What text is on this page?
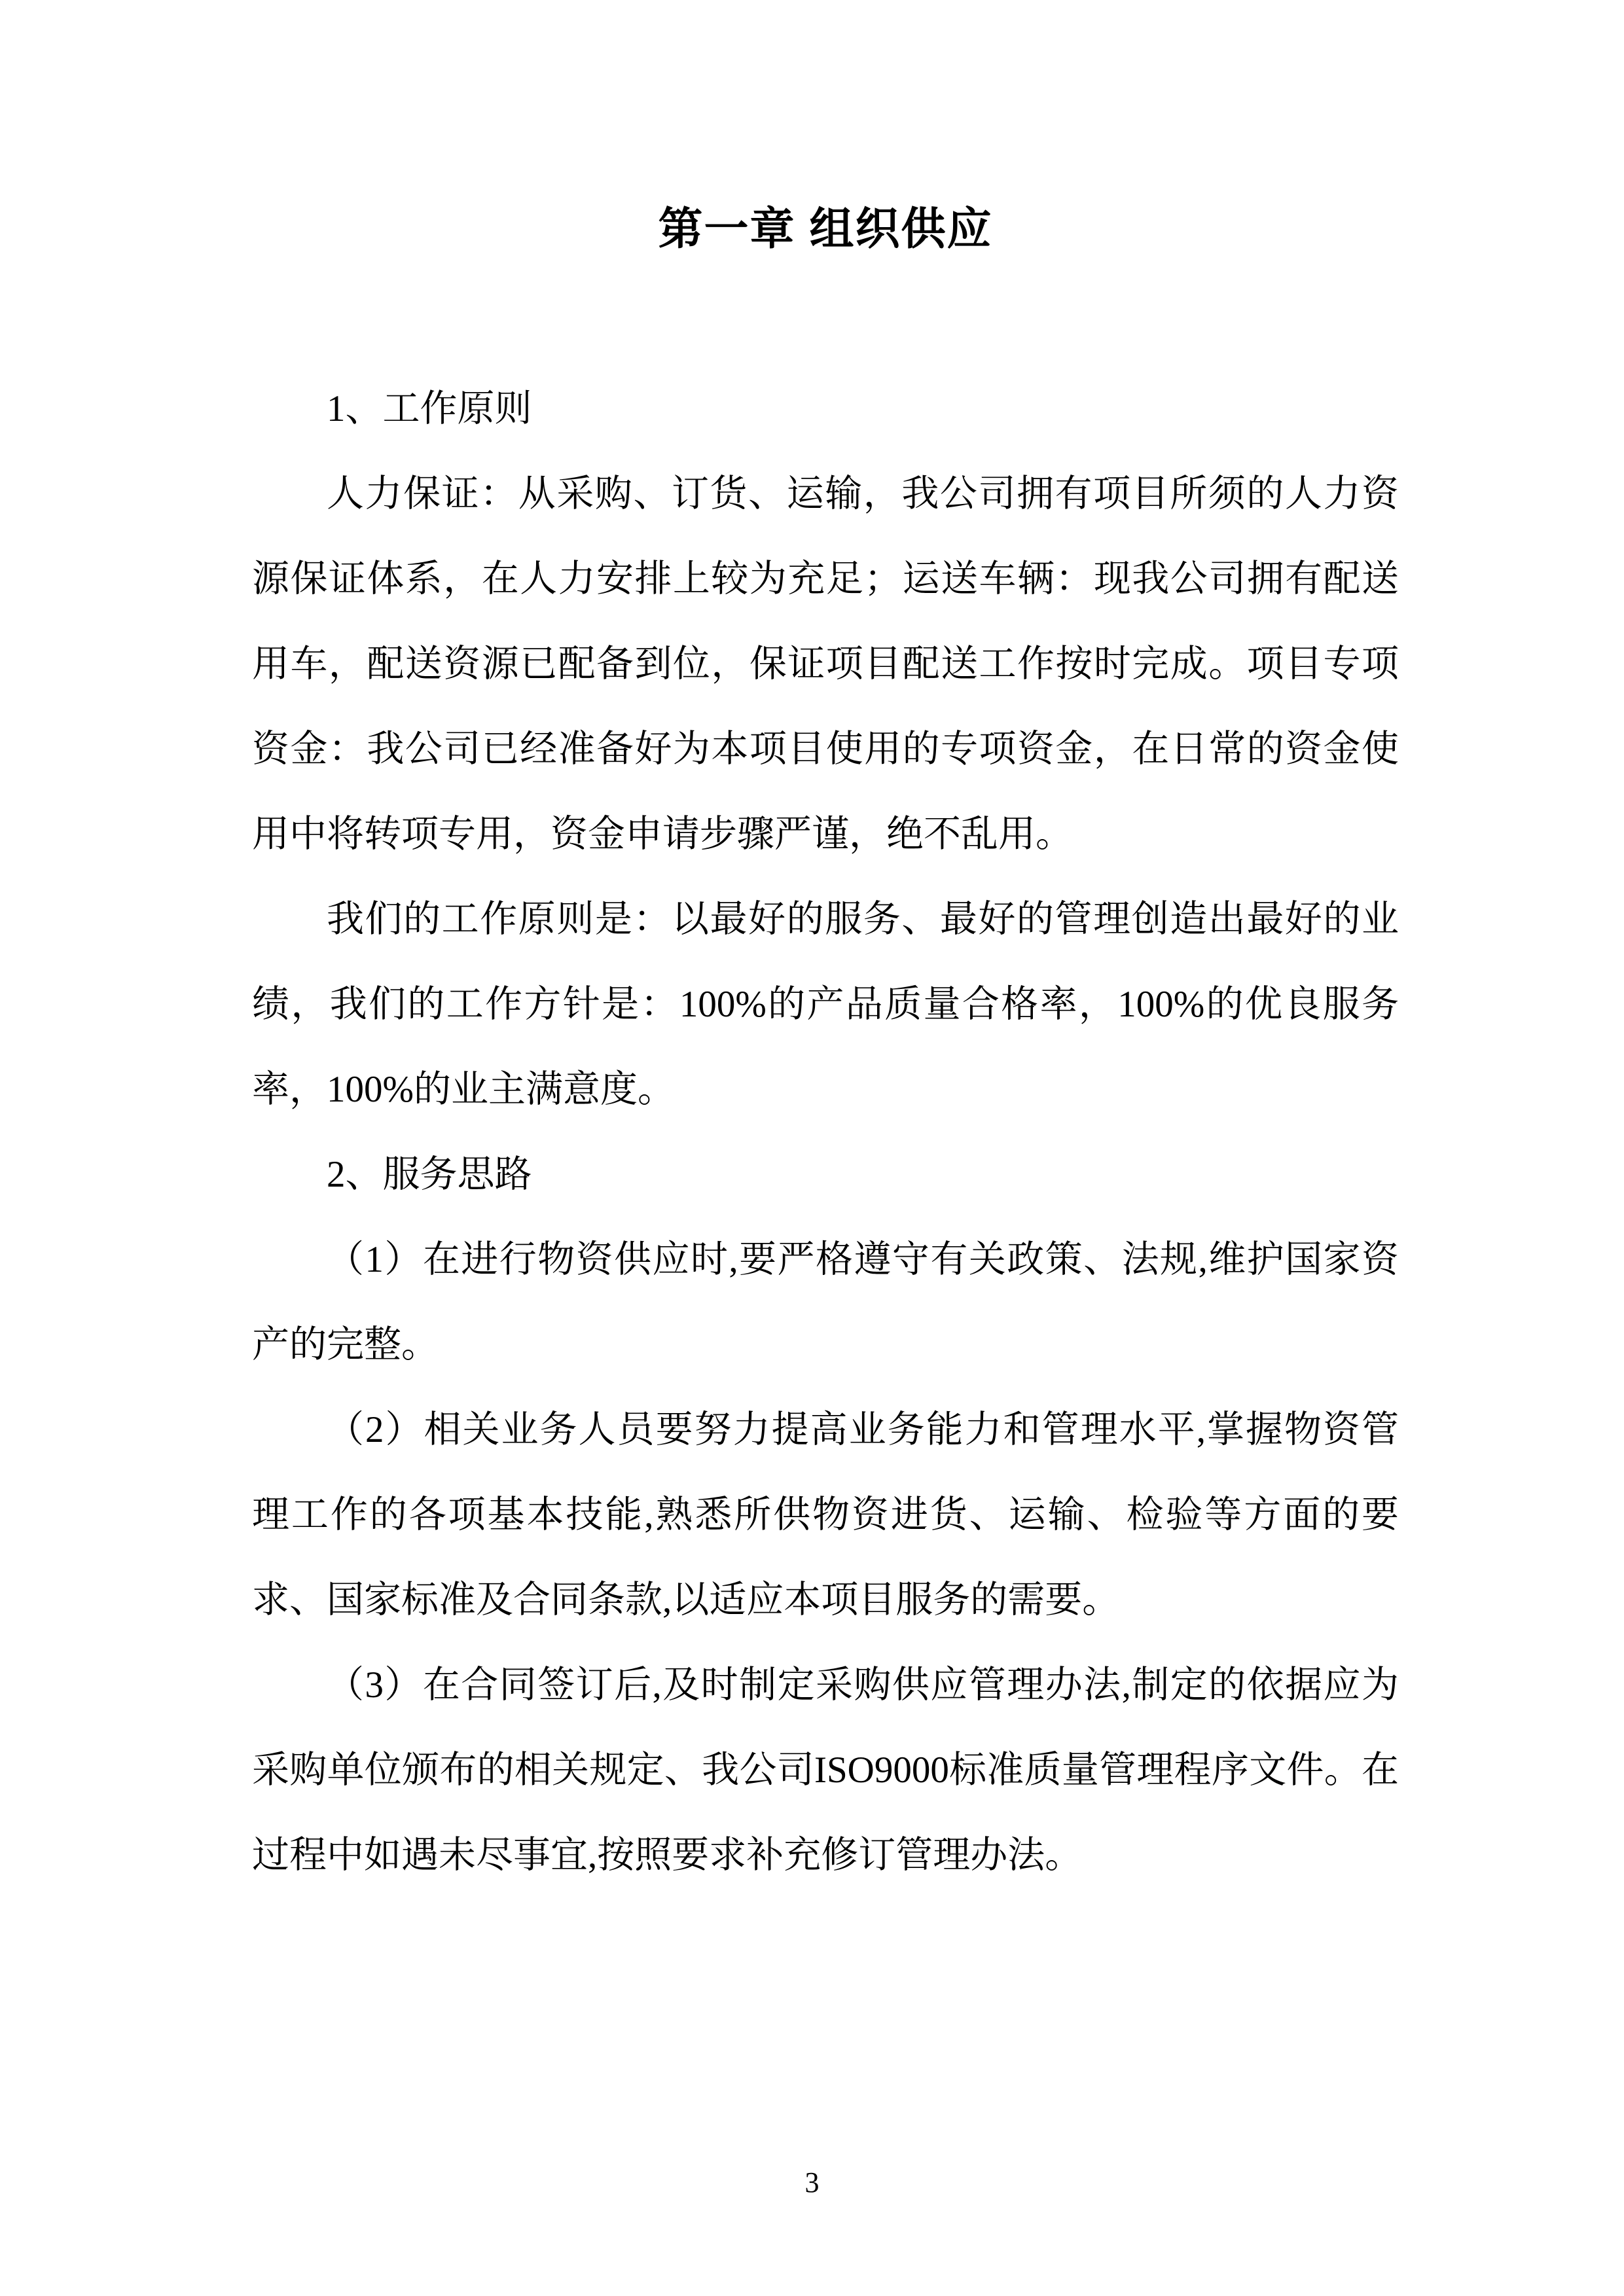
第一章 组织供应

1、工作原则

人力保证：从采购、订货、运输，我公司拥有项目所须的人力资源保证体系，在人力安排上较为充足；运送车辆：现我公司拥有配送用车，配送资源已配备到位，保证项目配送工作按时完成。项目专项资金：我公司已经准备好为本项目使用的专项资金，在日常的资金使用中将转项专用，资金申请步骤严谨，绝不乱用。

我们的工作原则是：以最好的服务、最好的管理创造出最好的业绩，我们的工作方针是：100%的产品质量合格率，100%的优良服务率，100%的业主满意度。

2、服务思路

（1）在进行物资供应时,要严格遵守有关政策、法规,维护国家资产的完整。

（2）相关业务人员要努力提高业务能力和管理水平,掌握物资管理工作的各项基本技能,熟悉所供物资进货、运输、检验等方面的要求、国家标准及合同条款,以适应本项目服务的需要。

（3）在合同签订后,及时制定采购供应管理办法,制定的依据应为采购单位颁布的相关规定、我公司ISO9000标准质量管理程序文件。在过程中如遇未尽事宜,按照要求补充修订管理办法。

3
